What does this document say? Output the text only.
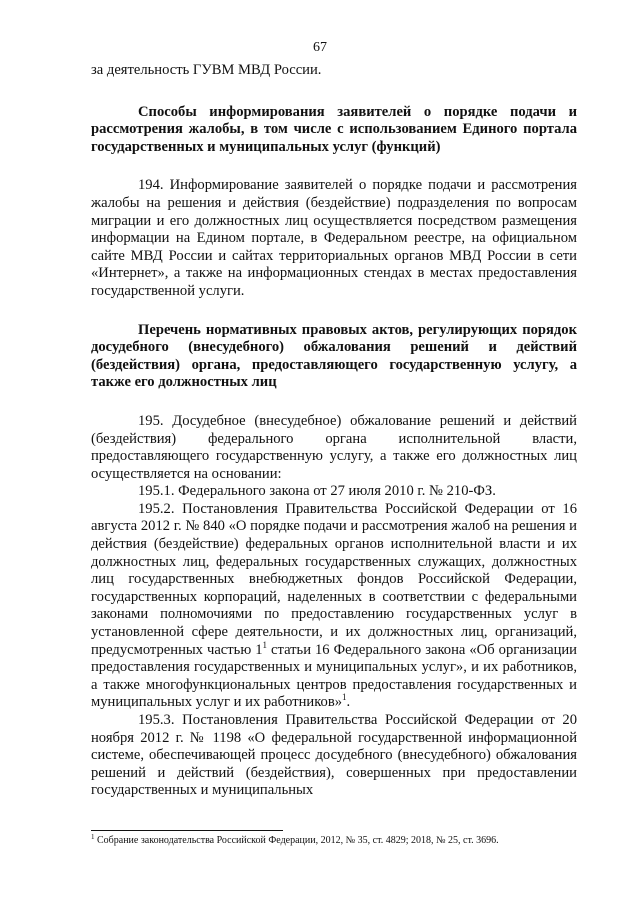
67

за деятельность ГУВМ МВД России.

Способы информирования заявителей о порядке подачи и рассмотрения жалобы, в том числе с использованием Единого портала государственных и муниципальных услуг (функций)

194. Информирование заявителей о порядке подачи и рассмотрения жалобы на решения и действия (бездействие) подразделения по вопросам миграции и его должностных лиц осуществляется посредством размещения информации на Едином портале, в Федеральном реестре, на официальном сайте МВД России и сайтах территориальных органов МВД России в сети «Интернет», а также на информационных стендах в местах предоставления государственной услуги.

Перечень нормативных правовых актов, регулирующих порядок досудебного (внесудебного) обжалования решений и действий (бездействия) органа, предоставляющего государственную услугу, а также его должностных лиц

195. Досудебное (внесудебное) обжалование решений и действий (бездействия) федерального органа исполнительной власти, предоставляющего государственную услугу, а также его должностных лиц осуществляется на основании:

195.1. Федерального закона от 27 июля 2010 г. № 210-ФЗ.

195.2. Постановления Правительства Российской Федерации от 16 августа 2012 г. № 840 «О порядке подачи и рассмотрения жалоб на решения и действия (бездействие) федеральных органов исполнительной власти и их должностных лиц, федеральных государственных служащих, должностных лиц государственных внебюджетных фондов Российской Федерации, государственных корпораций, наделенных в соответствии с федеральными законами полномочиями по предоставлению государственных услуг в установленной сфере деятельности, и их должностных лиц, организаций, предусмотренных частью $1^1$ статьи 16 Федерального закона «Об организации предоставления государственных и муниципальных услуг», и их работников, а также многофункциональных центров предоставления государственных и муниципальных услуг и их работников»$^1$.

195.3. Постановления Правительства Российской Федерации от 20 ноября 2012 г. № 1198 «О федеральной государственной информационной системе, обеспечивающей процесс досудебного (внесудебного) обжалования решений и действий (бездействия), совершенных при предоставлении государственных и муниципальных

$^1$ Собрание законодательства Российской Федерации, 2012, № 35, ст. 4829; 2018, № 25, ст. 3696.
